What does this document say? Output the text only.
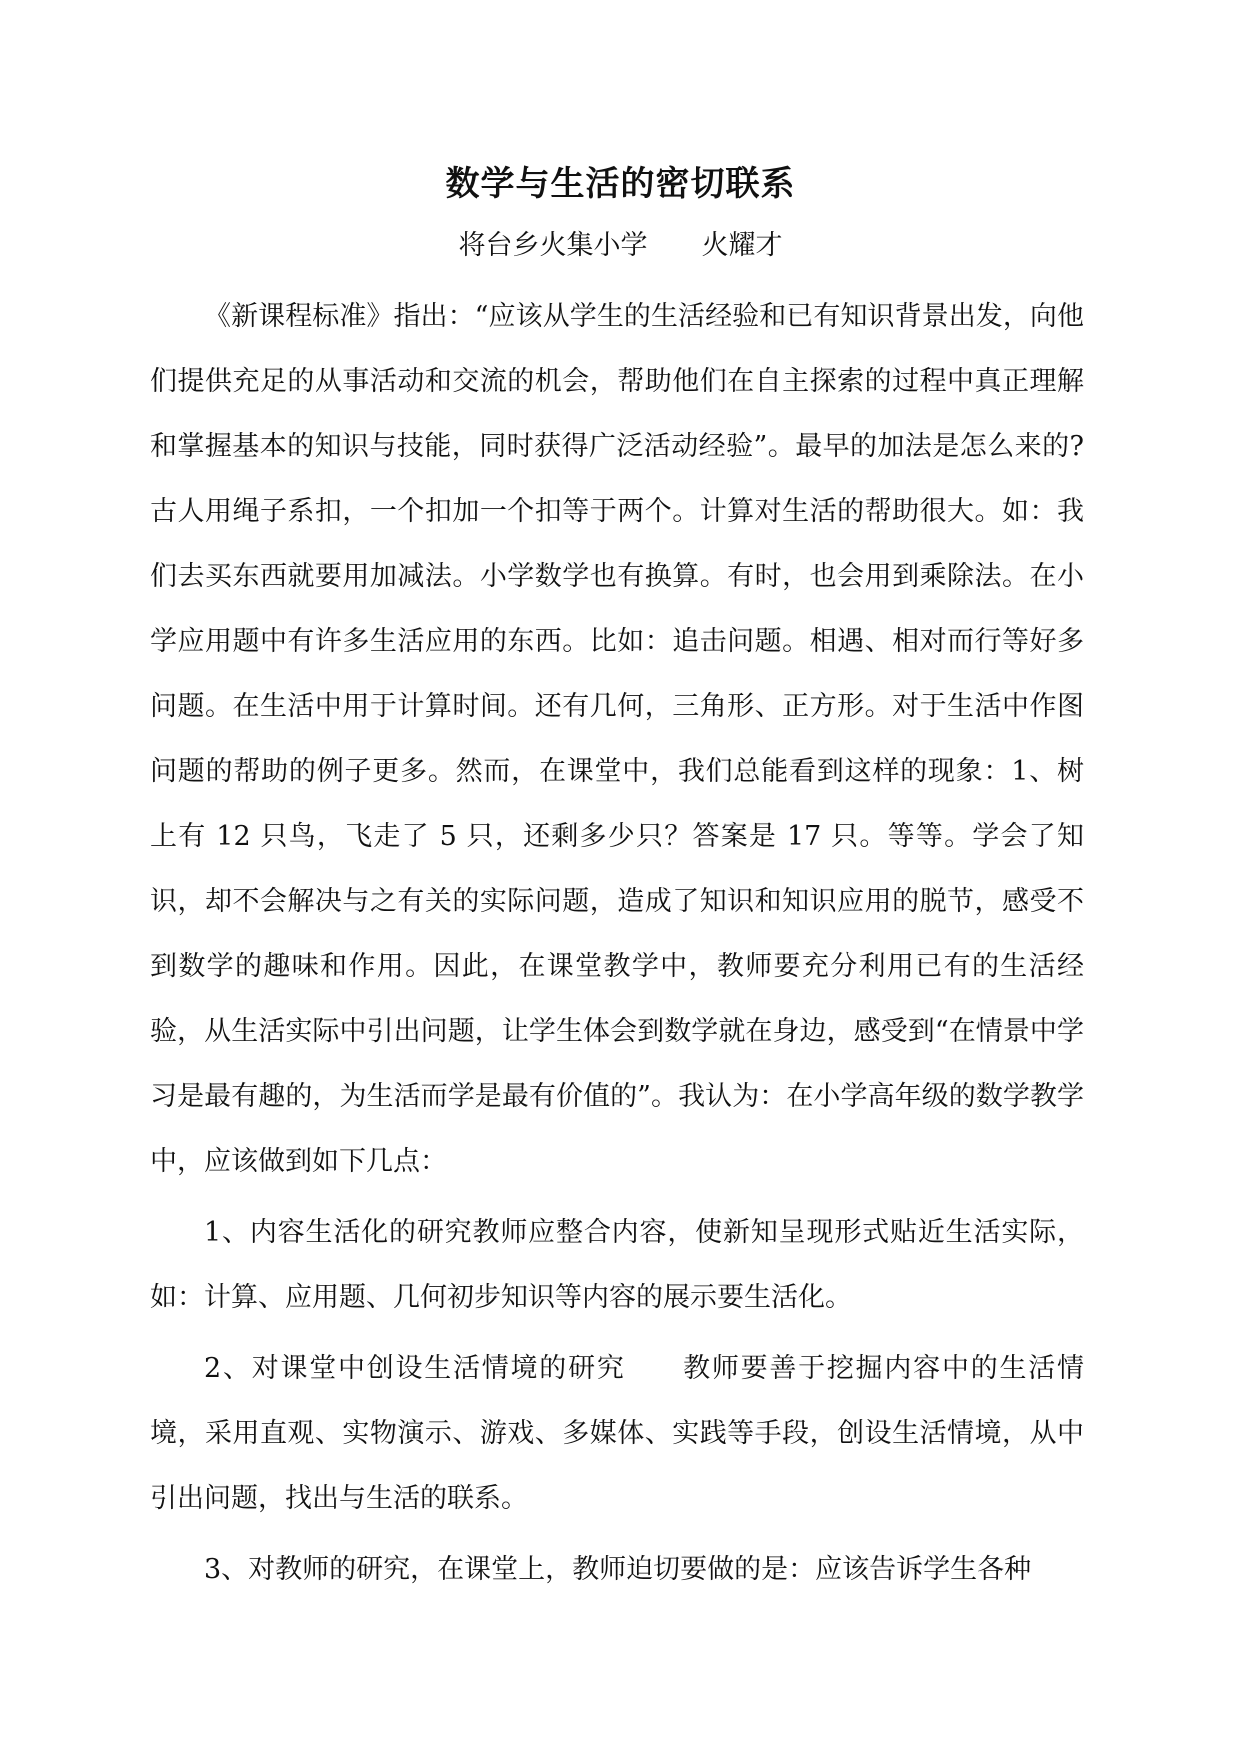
数学与生活的密切联系
将台乡火集小学　　火耀才

《新课程标准》指出：“应该从学生的生活经验和已有知识背景出发，向他们提供充足的从事活动和交流的机会，帮助他们在自主探索的过程中真正理解和掌握基本的知识与技能，同时获得广泛活动经验”。最早的加法是怎么来的?古人用绳子系扣，一个扣加一个扣等于两个。计算对生活的帮助很大。如：我们去买东西就要用加减法。小学数学也有换算。有时，也会用到乘除法。在小学应用题中有许多生活应用的东西。比如：追击问题。相遇、相对而行等好多问题。在生活中用于计算时间。还有几何，三角形、正方形。对于生活中作图问题的帮助的例子更多。然而，在课堂中，我们总能看到这样的现象：1、树上有 12 只鸟，飞走了 5 只，还剩多少只？答案是 17 只。等等。学会了知识，却不会解决与之有关的实际问题，造成了知识和知识应用的脱节，感受不到数学的趣味和作用。因此，在课堂教学中，教师要充分利用已有的生活经验，从生活实际中引出问题，让学生体会到数学就在身边，感受到“在情景中学习是最有趣的，为生活而学是最有价值的”。我认为：在小学高年级的数学教学中，应该做到如下几点：

1、内容生活化的研究教师应整合内容，使新知呈现形式贴近生活实际，如：计算、应用题、几何初步知识等内容的展示要生活化。

2、对课堂中创设生活情境的研究　　教师要善于挖掘内容中的生活情境，采用直观、实物演示、游戏、多媒体、实践等手段，创设生活情境，从中引出问题，找出与生活的联系。

3、对教师的研究，在课堂上，教师迫切要做的是：应该告诉学生各种
